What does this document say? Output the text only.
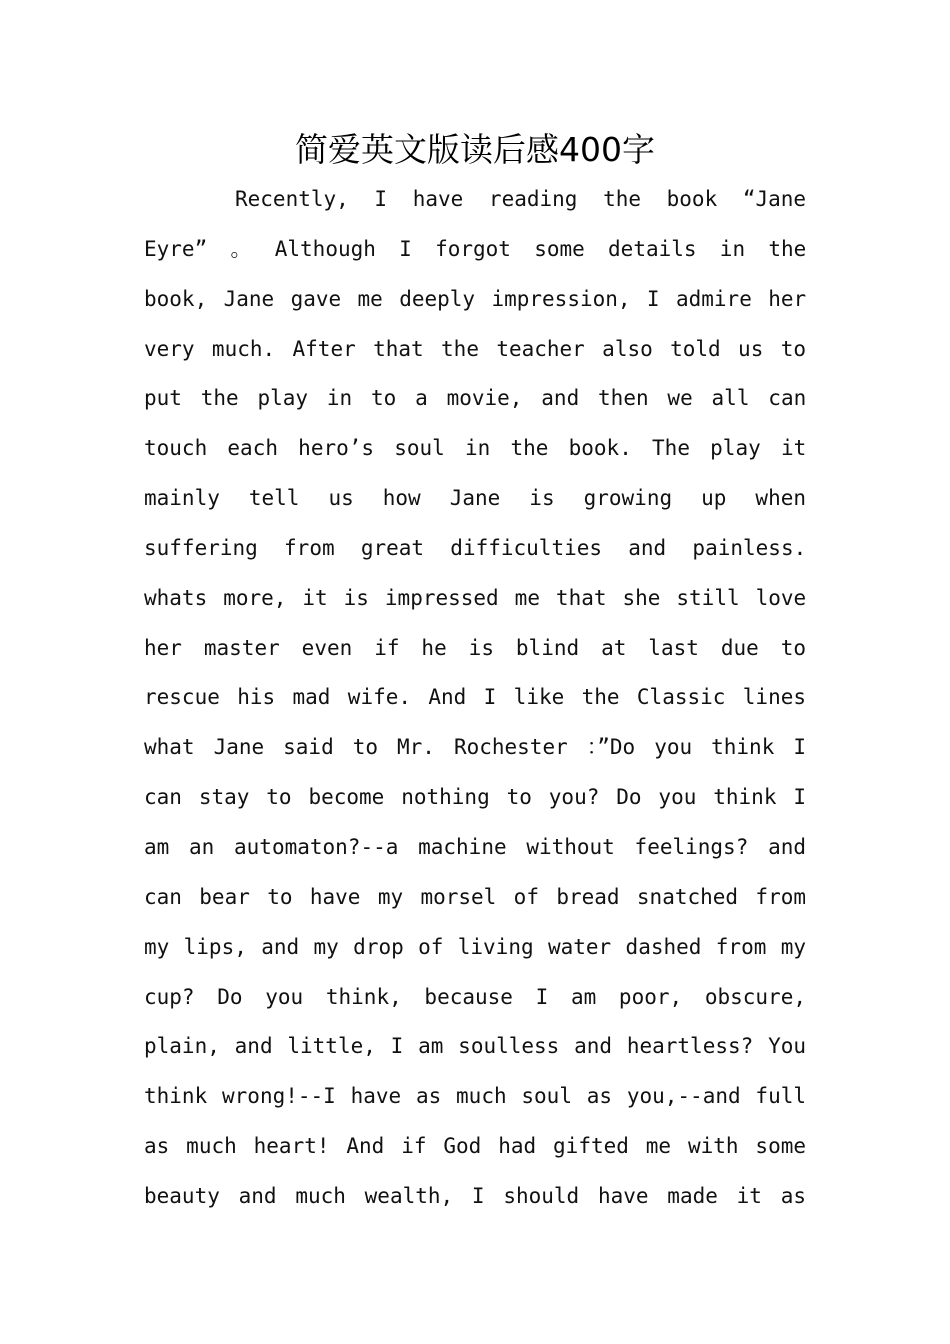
简爱英文版读后感400字
Recently, I have reading the book “Jane
Eyre” 。 Although I forgot some details in the
book, Jane gave me deeply impression, I admire her
very much. After that the teacher also told us to
put the play in to a movie, and then we all can
touch each hero’s soul in the book. The play it
mainly tell us how Jane is growing up when
suffering from great difficulties and painless.
whats more, it is impressed me that she still love
her master even if he is blind at last due to
rescue his mad wife. And I like the Classic lines
what Jane said to Mr. Rochester ：”Do you think I
can stay to become nothing to you? Do you think I
am an automaton?--a machine without feelings? and
can bear to have my morsel of bread snatched from
my lips, and my drop of living water dashed from my
cup? Do you think, because I am poor, obscure,
plain, and little, I am soulless and heartless? You
think wrong!--I have as much soul as you,--and full
as much heart! And if God had gifted me with some
beauty and much wealth, I should have made it as
